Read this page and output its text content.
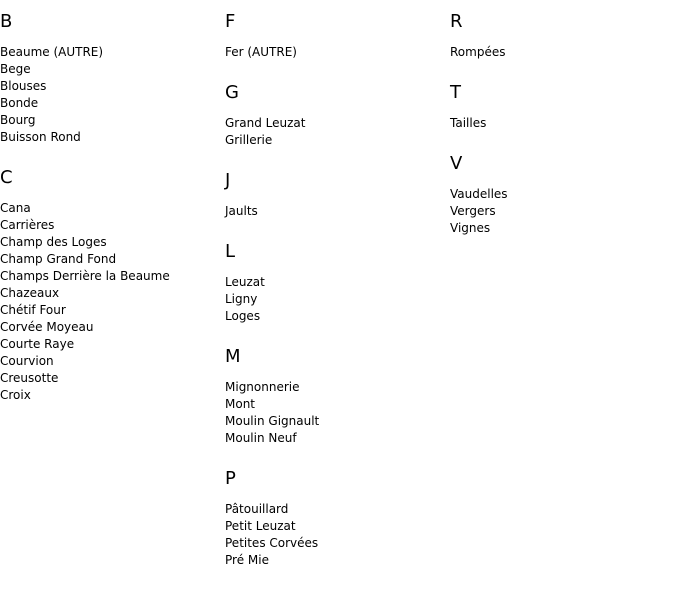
B
Beaume (AUTRE)
Bege
Blouses
Bonde
Bourg
Buisson Rond
C
Cana
Carrières
Champ des Loges
Champ Grand Fond
Champs Derrière la Beaume
Chazeaux
Chétif Four
Corvée Moyeau
Courte Raye
Courvion
Creusotte
Croix
F
Fer (AUTRE)
G
Grand Leuzat
Grillerie
J
Jaults
L
Leuzat
Ligny
Loges
M
Mignonnerie
Mont
Moulin Gignault
Moulin Neuf
P
Pâtouillard
Petit Leuzat
Petites Corvées
Pré Mie
R
Rompées
T
Tailles
V
Vaudelles
Vergers
Vignes
